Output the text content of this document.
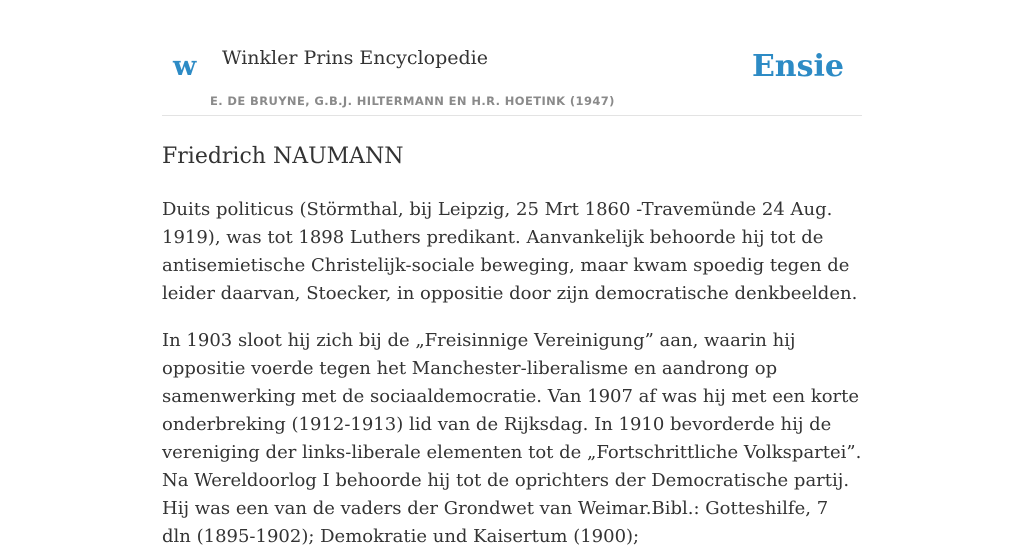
w Winkler Prins Encyclopedie
E. DE BRUYNE, G.B.J. HILTERMANN EN H.R. HOETINK (1947)
Ensie
Friedrich NAUMANN

Duits politicus (Störmthal, bij Leipzig, 25 Mrt 1860 -Travemünde 24 Aug. 1919), was tot 1898 Luthers predikant. Aanvankelijk behoorde hij tot de antisemietische Christelijk-sociale beweging, maar kwam spoedig tegen de leider daarvan, Stoecker, in oppositie door zijn democratische denkbeelden.

In 1903 sloot hij zich bij de „Freisinnige Vereinigung” aan, waarin hij oppositie voerde tegen het Manchester-liberalisme en aandrong op samenwerking met de sociaaldemocratie. Van 1907 af was hij met een korte onderbreking (1912-1913) lid van de Rijksdag. In 1910 bevorderde hij de vereniging der links-liberale elementen tot de „Fortschrittliche Volkspartei”. Na Wereldoorlog I behoorde hij tot de oprichters der Democratische partij. Hij was een van de vaders der Grondwet van Weimar.Bibl.: Gotteshilfe, 7 dln (1895-1902); Demokratie und Kaisertum (1900);
